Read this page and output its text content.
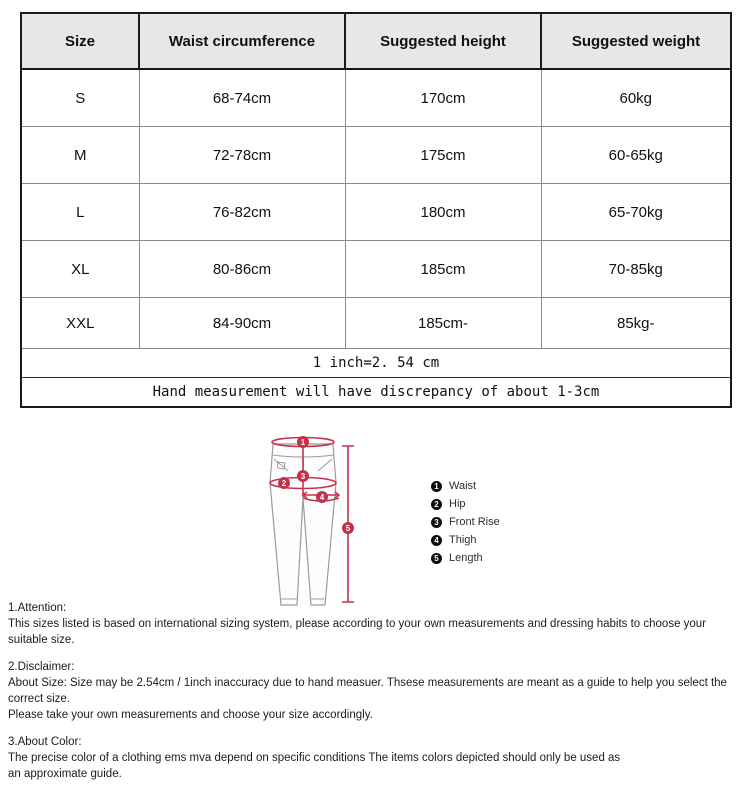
Size	Waist circumference	Suggested height	Suggested weight
S	68-74cm	170cm	60kg
M	72-78cm	175cm	60-65kg
L	76-82cm	180cm	65-70kg
XL	80-86cm	185cm	70-85kg
XXL	84-90cm	185cm-	85kg-
1 inch=2. 54 cm			
Hand measurement will have discrepancy of about 1-3cm			
1
2
3
4
5
1 Waist
2 Hip
3 Front Rise
4 Thigh
5 Length
1.Attention:
This sizes listed is based on international sizing system, please according to your own measurements and dressing habits to choose your suitable size.
2.Disclaimer:
About Size: Size may be 2.54cm / 1inch inaccuracy due to hand measuer. Thsese measurements are meant as a guide to help you select the correct size.
Please take your own measurements and choose your size accordingly.
3.About Color:
The precise color of a clothing ems mva depend on specific conditions The items colors depicted should only be used as
an approximate guide.
